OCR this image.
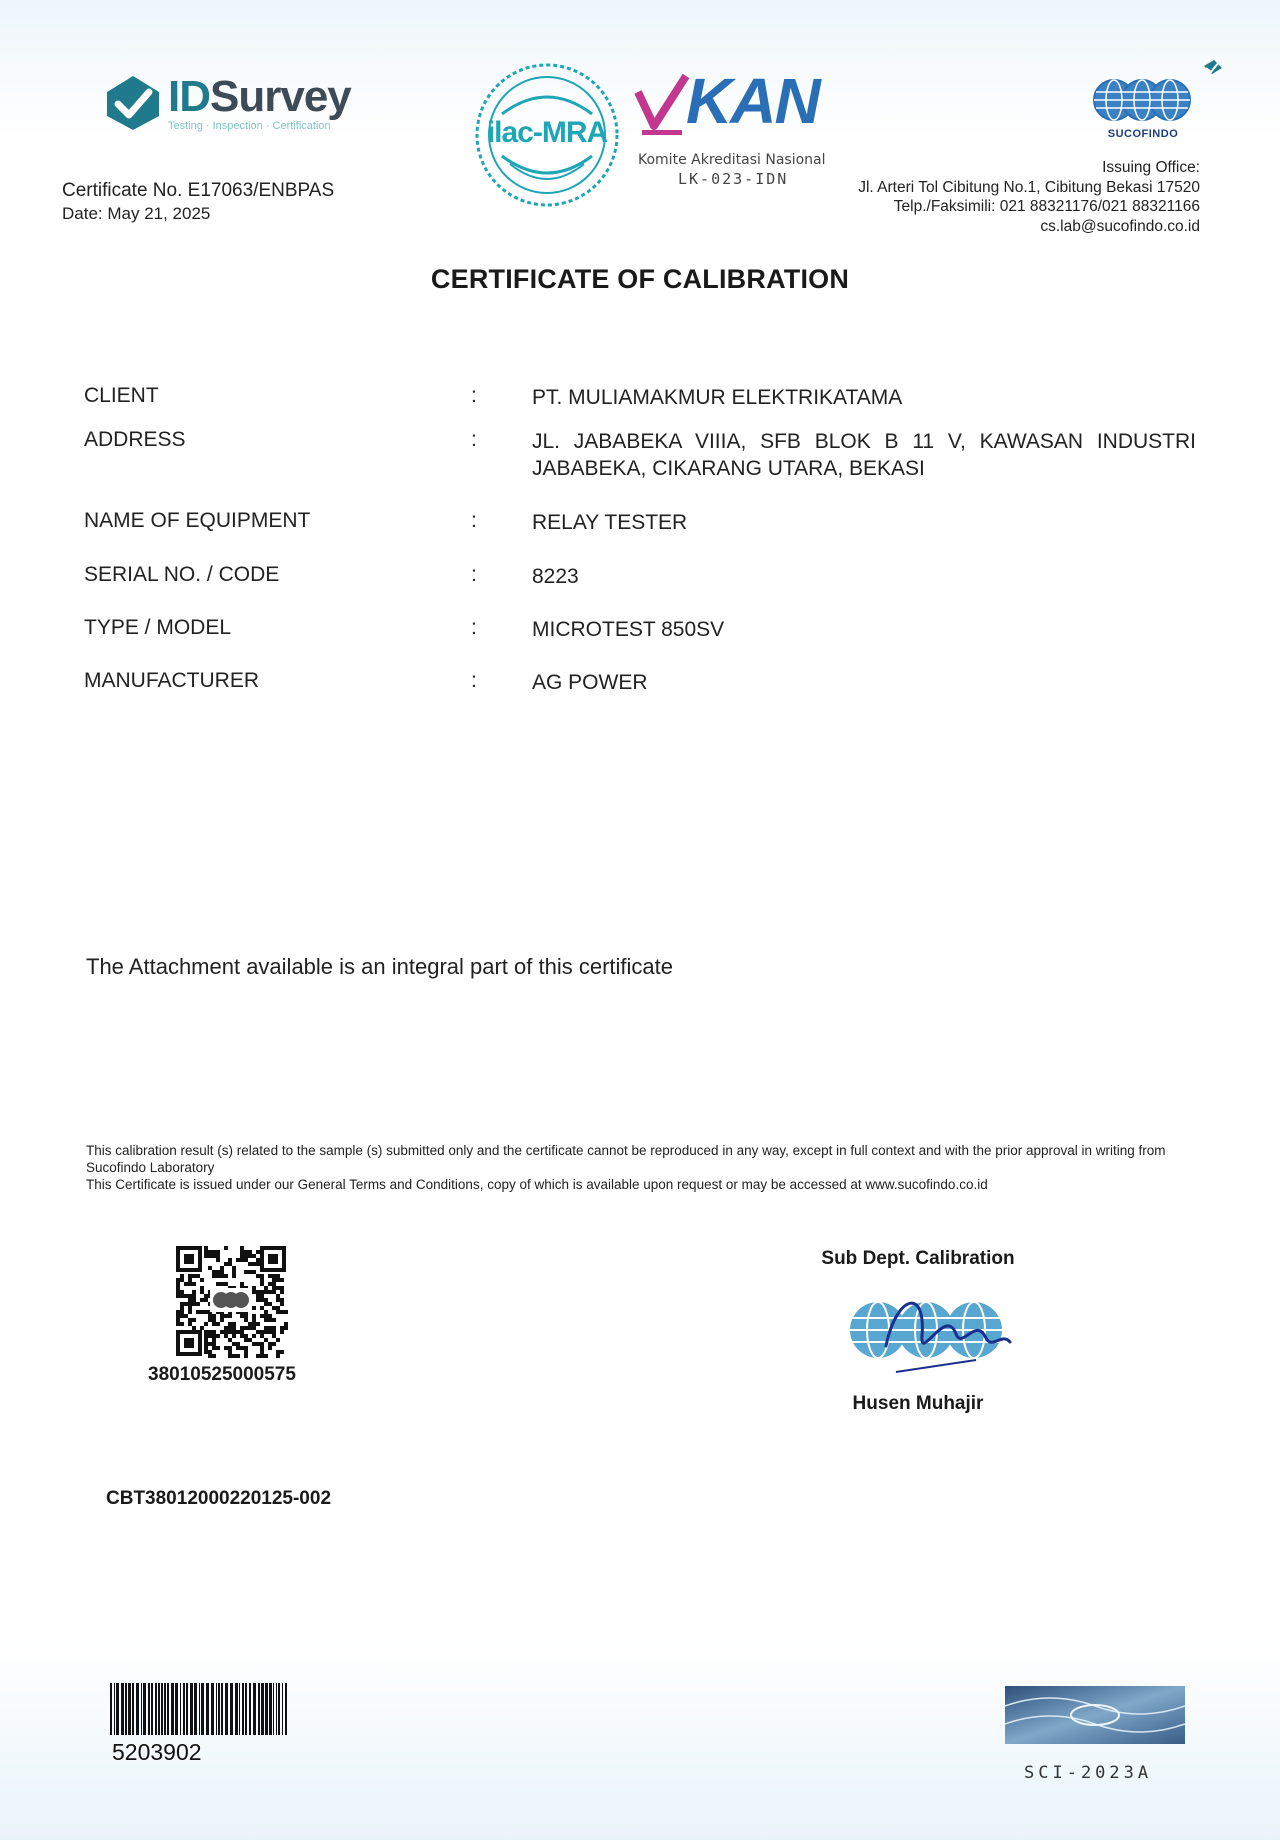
IDSurvey
Testing · Inspection · Certification	ilac-MRA KAN
Komite Akreditasi Nasional
LK-023-IDN
SUCOFINDO
Certificate No. E17063/ENBPAS
Date: May 21, 2025
Issuing Office:
Jl. Arteri Tol Cibitung No.1, Cibitung Bekasi 17520
Telp./Faksimili: 021 88321176/021 88321166
cs.lab@sucofindo.co.id
CERTIFICATE OF CALIBRATION
CLIENT	:	PT. MULIAMAKMUR ELEKTRIKATAMA
ADDRESS	:	JL. JABABEKA VIIIA, SFB BLOK B 11 V, KAWASAN INDUSTRI JABABEKA, CIKARANG UTARA, BEKASI
NAME OF EQUIPMENT	:	RELAY TESTER
SERIAL NO. / CODE	:	8223
TYPE / MODEL	:	MICROTEST 850SV
MANUFACTURER	:	AG POWER
The Attachment available is an integral part of this certificate
This calibration result (s) related to the sample (s) submitted only and the certificate cannot be reproduced in any way, except in full context and with the prior approval in writing from
Sucofindo Laboratory
This Certificate is issued under our General Terms and Conditions, copy of which is available upon request or may be accessed at www.sucofindo.co.id
38010525000575
Sub Dept. Calibration
Husen Muhajir
CBT38012000220125-002
5203902
SCI-2023A
